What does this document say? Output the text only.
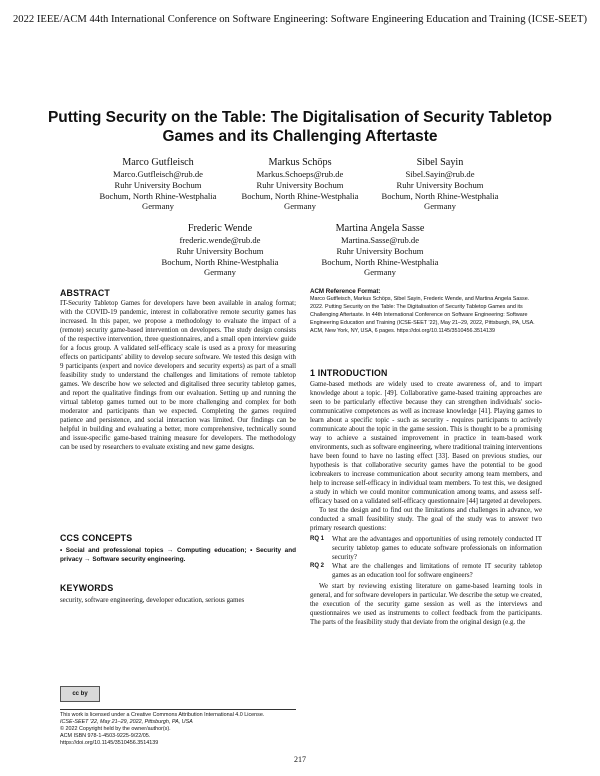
2022 IEEE/ACM 44th International Conference on Software Engineering: Software Engineering Education and Training (ICSE-SEET)
Putting Security on the Table: The Digitalisation of Security Tabletop Games and its Challenging Aftertaste
Marco Gutfleisch
Marco.Gutfleisch@rub.de
Ruhr University Bochum
Bochum, North Rhine-Westphalia
Germany
Markus Schöps
Markus.Schoeps@rub.de
Ruhr University Bochum
Bochum, North Rhine-Westphalia
Germany
Sibel Sayin
Sibel.Sayin@rub.de
Ruhr University Bochum
Bochum, North Rhine-Westphalia
Germany
Frederic Wende
frederic.wende@rub.de
Ruhr University Bochum
Bochum, North Rhine-Westphalia
Germany
Martina Angela Sasse
Martina.Sasse@rub.de
Ruhr University Bochum
Bochum, North Rhine-Westphalia
Germany
ABSTRACT
IT-Security Tabletop Games for developers have been available in analog format; with the COVID-19 pandemic, interest in collaborative remote security games has increased. In this paper, we propose a methodology to evaluate the impact of a (remote) security game-based intervention on developers. The study design consists of the respective intervention, three questionnaires, and a small open interview guide for a focus group. A validated self-efficacy scale is used as a proxy for measuring effects on participants' ability to develop secure software. We tested this design with 9 participants (expert and novice developers and security experts) as part of a small feasibility study to understand the challenges and limitations of remote tabletop games. We describe how we selected and digitalised three security tabletop games, and report the qualitative findings from our evaluation. Setting up and running the virtual tabletop games turned out to be more challenging and complex for both moderator and participants than we expected. Completing the games required patience and persistence, and social interaction was limited. Our findings can be helpful in building and evaluating a better, more comprehensive, technically sound and issue-specific game-based training measure for developers. The methodology can be used by researchers to evaluate existing and new game designs.
CCS CONCEPTS
• Social and professional topics → Computing education; • Security and privacy → Software security engineering.
KEYWORDS
security, software engineering, developer education, serious games
cc by
This work is licensed under a Creative Commons Attribution International 4.0 License.
ICSE-SEET '22, May 21–29, 2022, Pittsburgh, PA, USA
© 2022 Copyright held by the owner/author(s).
ACM ISBN 978-1-4503-9225-9/22/05.
https://doi.org/10.1145/3510456.3514139
ACM Reference Format:
Marco Gutfleisch, Markus Schöps, Sibel Sayin, Frederic Wende, and Martina Angela Sasse. 2022. Putting Security on the Table: The Digitalisation of Security Tabletop Games and its Challenging Aftertaste. In 44th International Conference on Software Engineering: Software Engineering Education and Training (ICSE-SEET '22), May 21–29, 2022, Pittsburgh, PA, USA. ACM, New York, NY, USA, 6 pages. https://doi.org/10.1145/3510456.3514139
1 INTRODUCTION

Game-based methods are widely used to create awareness of, and to impart knowledge about a topic. [49]. Collaborative game-based training approaches are seen to be particularly effective because they can strengthen individuals' socio-communicative competences as well as increase knowledge [41]. Playing games to learn about a specific topic - such as security - requires participants to actively communicate about the topic in the game session. This is thought to be a promising way to achieve a sustained improvement in practice in team-based work environments, such as software engineering, where traditional training interventions have been found to have no lasting effect [33]. Based on previous studies, our hypothesis is that collaborative security games have the potential to be good icebreakers to increase communication about security among team members, and help to increase self-efficacy in individual team members. To test this, we designed a study in which we could monitor communication among teams, and assess self-efficacy based on a validated self-efficacy questionnaire [44] targeted at developers.

To test the design and to find out the limitations and challenges in advance, we conducted a small feasibility study. The goal of the study was to answer two primary research questions:

RQ 1	What are the advantages and opportunities of using remotely conducted IT security tabletop games to educate software professionals on information security?
RQ 2	What are the challenges and limitations of remote IT security tabletop games as an education tool for software engineers?

We start by reviewing existing literature on game-based learning tools in general, and for software developers in particular. We describe the setup we created, the execution of the security game session as well as the interviews and questionnaires we used as instruments to collect feedback from the participants. The parts of the feasibility study that deviate from the original design (e.g. the

217
